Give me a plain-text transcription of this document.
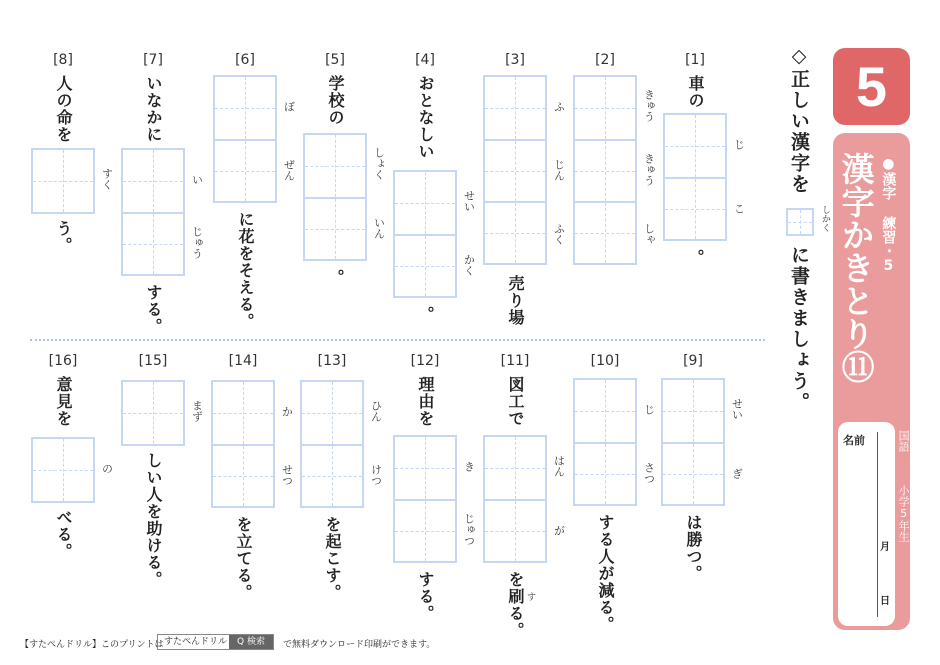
[1]
車の
じ
こ
。
[2]
きゅう
きゅう
しゃ
[3]
ふ
じん
ふく
売り場
[4]
おとなしい
せい
かく
。
[5]
学校の
しょく
いん
。
[6]
ぼ
ぜん
に花をそえる。
[7]
いなかに
い
じゅう
する。
[8]
人の命を
すく
う。
[9]
せい
ぎ
は勝つ。
[10]
じ
さつ
する人が減る。
[11]
図工で
はん
が
を刷る。 す
[12]
理由を
き
じゅつ
する。
[13]
ひん
けつ
を起こす。
[14]
か
せつ
を立てる。
[15]
まず
しい人を助ける。
[16]
意見を
の
べる。
◇正しい漢字を
しかく
に書きましょう。
5
漢字かきとり⑪ ●漢字 練習・5
名前
月
日
国語
小学5年生
【すたぺんドリル】このプリントは	で無料ダウンロード印刷ができます。
すたぺんドリル	Q 検索
